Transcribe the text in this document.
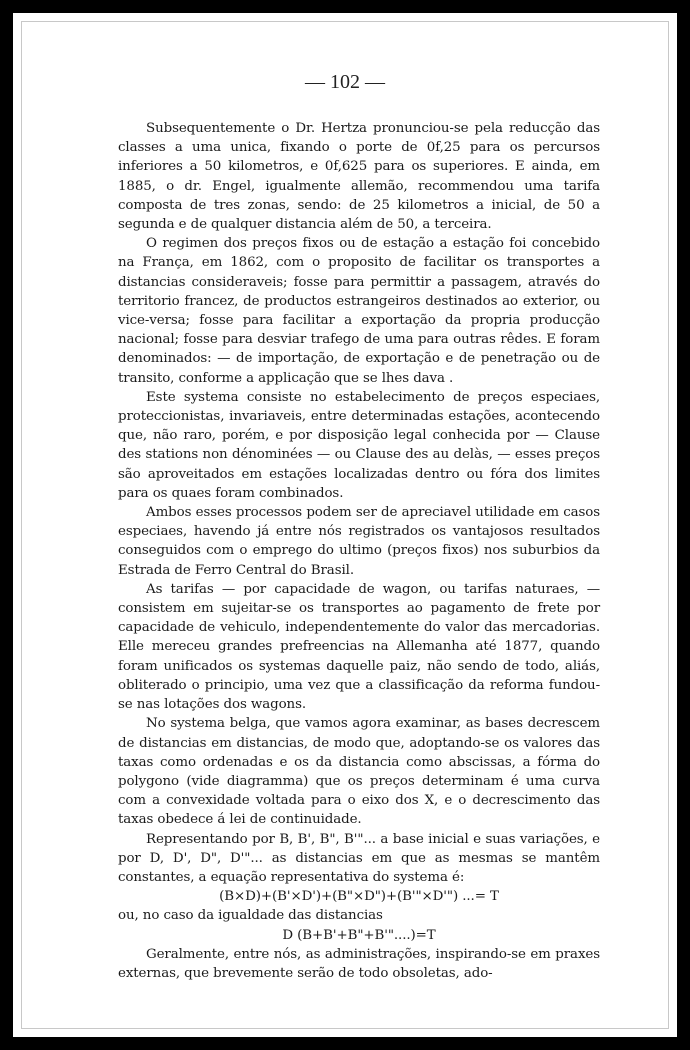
— 102 —

Subsequentemente o Dr. Hertza pronunciou-se pela reducção das classes a uma unica, fixando o porte de 0f,25 para os percursos inferiores a 50 kilometros, e 0f,625 para os superiores. E ainda, em 1885, o dr. Engel, igualmente allemão, recommendou uma tarifa composta de tres zonas, sendo: de 25 kilometros a inicial, de 50 a segunda e de qualquer distancia além de 50, a terceira.

O regimen dos preços fixos ou de estação a estação foi concebido na França, em 1862, com o proposito de facilitar os transportes a distancias consideraveis; fosse para permittir a passagem, através do territorio francez, de productos estrangeiros destinados ao exterior, ou vice-versa; fosse para facilitar a exportação da propria producção nacional; fosse para desviar trafego de uma para outras rêdes. E foram denominados: — de importação, de exportação e de penetração ou de transito, conforme a applicação que se lhes dava .

Este systema consiste no estabelecimento de preços especiaes, proteccionistas, invariaveis, entre determinadas estações, acontecendo que, não raro, porém, e por disposição legal conhecida por — Clause des stations non dénominées — ou Clause des au delàs, — esses preços são aproveitados em estações localizadas dentro ou fóra dos limites para os quaes foram combinados.

Ambos esses processos podem ser de apreciavel utilidade em casos especiaes, havendo já entre nós registrados os vantajosos resultados conseguidos com o emprego do ultimo (preços fixos) nos suburbios da Estrada de Ferro Central do Brasil.

As tarifas — por capacidade de wagon, ou tarifas naturaes, — consistem em sujeitar-se os transportes ao pagamento de frete por capacidade de vehiculo, independentemente do valor das mercadorias. Elle mereceu grandes prefreencias na Allemanha até 1877, quando foram unificados os systemas daquelle paiz, não sendo de todo, aliás, obliterado o principio, uma vez que a classificação da reforma fundou-se nas lotações dos wagons.

No systema belga, que vamos agora examinar, as bases decrescem de distancias em distancias, de modo que, adoptando-se os valores das taxas como ordenadas e os da distancia como abscissas, a fórma do polygono (vide diagramma) que os preços determinam é uma curva com a convexidade voltada para o eixo dos X, e o decrescimento das taxas obedece á lei de continuidade.

Representando por B, B', B", B'"... a base inicial e suas variações, e por D, D', D", D'"... as distancias em que as mesmas se mantêm constantes, a equação representativa do systema é:

(B×D)+(B'×D')+(B"×D")+(B'"×D'") ...= T

ou, no caso da igualdade das distancias

D (B+B'+B"+B'"....)=T

Geralmente, entre nós, as administrações, inspirando-se em praxes externas, que brevemente serão de todo obsoletas, ado-
